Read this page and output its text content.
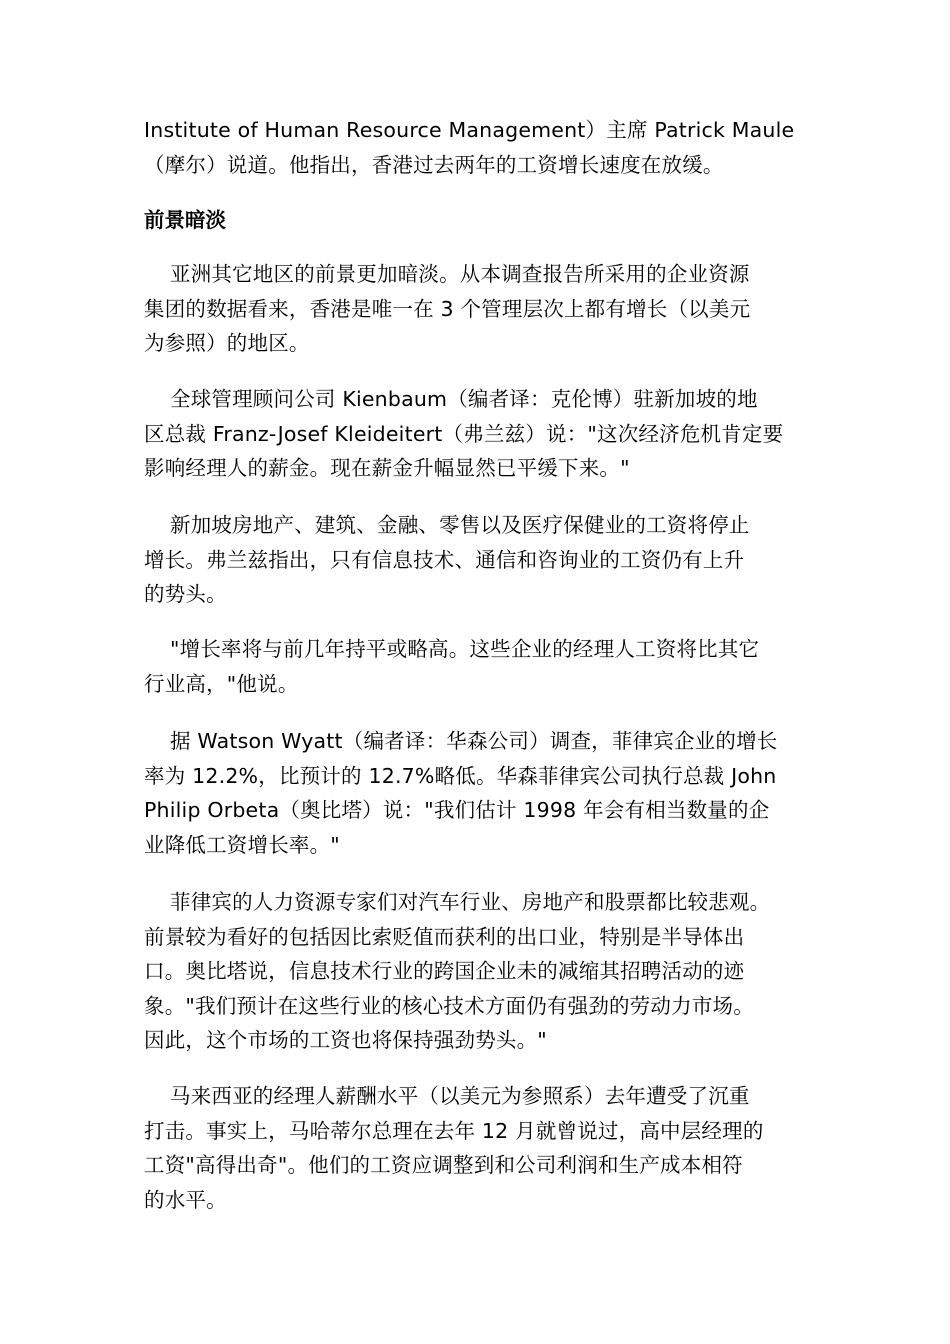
Institute of Human Resource Management）主席 Patrick Maule
（摩尔）说道。他指出，香港过去两年的工资增长速度在放缓。

前景暗淡

亚洲其它地区的前景更加暗淡。从本调查报告所采用的企业资源
集团的数据看来，香港是唯一在 3 个管理层次上都有增长（以美元
为参照）的地区。

全球管理顾问公司 Kienbaum（编者译：克伦博）驻新加坡的地
区总裁 Franz-Josef Kleideitert（弗兰兹）说："这次经济危机肯定要
影响经理人的薪金。现在薪金升幅显然已平缓下来。"

新加坡房地产、建筑、金融、零售以及医疗保健业的工资将停止
增长。弗兰兹指出，只有信息技术、通信和咨询业的工资仍有上升
的势头。

"增长率将与前几年持平或略高。这些企业的经理人工资将比其它
行业高，"他说。

据 Watson Wyatt（编者译：华森公司）调查，菲律宾企业的增长
率为 12.2%，比预计的 12.7%略低。华森菲律宾公司执行总裁 John
Philip Orbeta（奥比塔）说："我们估计 1998 年会有相当数量的企
业降低工资增长率。"

菲律宾的人力资源专家们对汽车行业、房地产和股票都比较悲观。
前景较为看好的包括因比索贬值而获利的出口业，特别是半导体出
口。奥比塔说，信息技术行业的跨国企业未的减缩其招聘活动的迹
象。"我们预计在这些行业的核心技术方面仍有强劲的劳动力市场。
因此，这个市场的工资也将保持强劲势头。"

马来西亚的经理人薪酬水平（以美元为参照系）去年遭受了沉重
打击。事实上，马哈蒂尔总理在去年 12 月就曾说过，高中层经理的
工资"高得出奇"。他们的工资应调整到和公司利润和生产成本相符
的水平。
